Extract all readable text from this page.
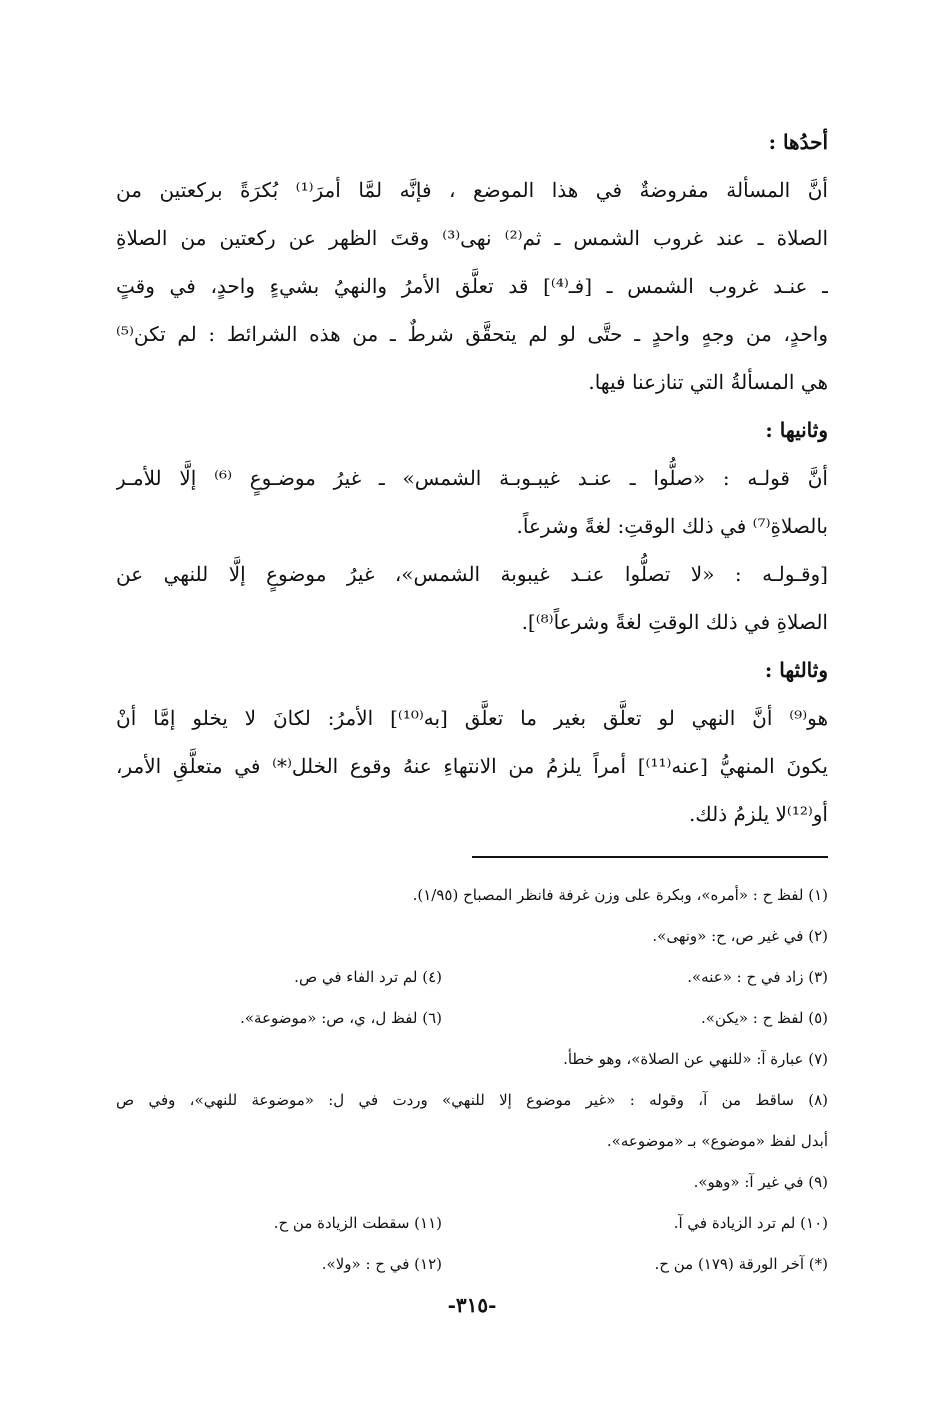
أحدُها :
أنَّ المسألة مفروضةٌ في هذا الموضع ، فإنَّه لمَّا أمرَ⁽¹⁾ بُكرَةً بركعتين من
الصلاة ـ عند غروب الشمس ـ ثم⁽²⁾ نهى⁽³⁾ وقتَ الظهر عن ركعتين من الصلاةِ
ـ عنـد غروب الشمس ـ [فـ⁽⁴⁾] قد تعلَّق الأمرُ والنهيُ بشيءٍ واحدٍ، في وقتٍ
واحدٍ، من وجهٍ واحدٍ ـ حتَّى لو لم يتحقَّق شرطٌ ـ من هذه الشرائط : لم تكن⁽⁵⁾
هي المسألةُ التي تنازعنا فيها.
وثانيها :
أنَّ قولـه : «صلُّوا ـ عنـد غيبـوبـة الشمس» ـ غيرُ موضـوعٍ ⁽⁶⁾ إلَّا للأمـر
بالصلاةِ⁽⁷⁾ في ذلك الوقتِ: لغةً وشرعاً.
[وقـولـه : «لا تصلُّوا عنـد غيبوبة الشمس»، غيرُ موضوعٍ إلَّا للنهي عن
الصلاةِ في ذلك الوقتِ لغةً وشرعاً⁽⁸⁾].
وثالثها :
هو⁽⁹⁾ أنَّ النهي لو تعلَّق بغير ما تعلَّق [به⁽¹⁰⁾] الأمرُ: لكانَ لا يخلو إمَّا أنْ
يكونَ المنهيُّ [عنه⁽¹¹⁾] أمراً يلزمُ من الانتهاءِ عنهُ وقوع الخلل⁽*⁾ في متعلَّقِ الأمر،
أو⁽¹²⁾لا يلزمُ ذلك.
(١) لفظ ح : «أمره»، وبكرة على وزن غرفة فانظر المصباح (١/٩٥).
(٢) في غير ص، ح: «ونهى».
(٣) زاد في ح : «عنه».
(٤) لم ترد الفاء في ص.
(٥) لفظ ح : «يكن».
(٦) لفظ ل، ي، ص: «موضوعة».
(٧) عبارة آ: «للنهي عن الصلاة»، وهو خطأ.
(٨) ساقط من آ، وقوله : «غير موضوع إلا للنهي» وردت في ل: «موضوعة للنهي»، وفي ص
أبدل لفظ «موضوع» بـ «موضوعه».
(٩) في غير آ: «وهو».
(١٠) لم ترد الزيادة في آ.
(١١) سقطت الزيادة من ح.
(*) آخر الورقة (١٧٩) من ح.
(١٢) في ح : «ولا».
-٣١٥-
